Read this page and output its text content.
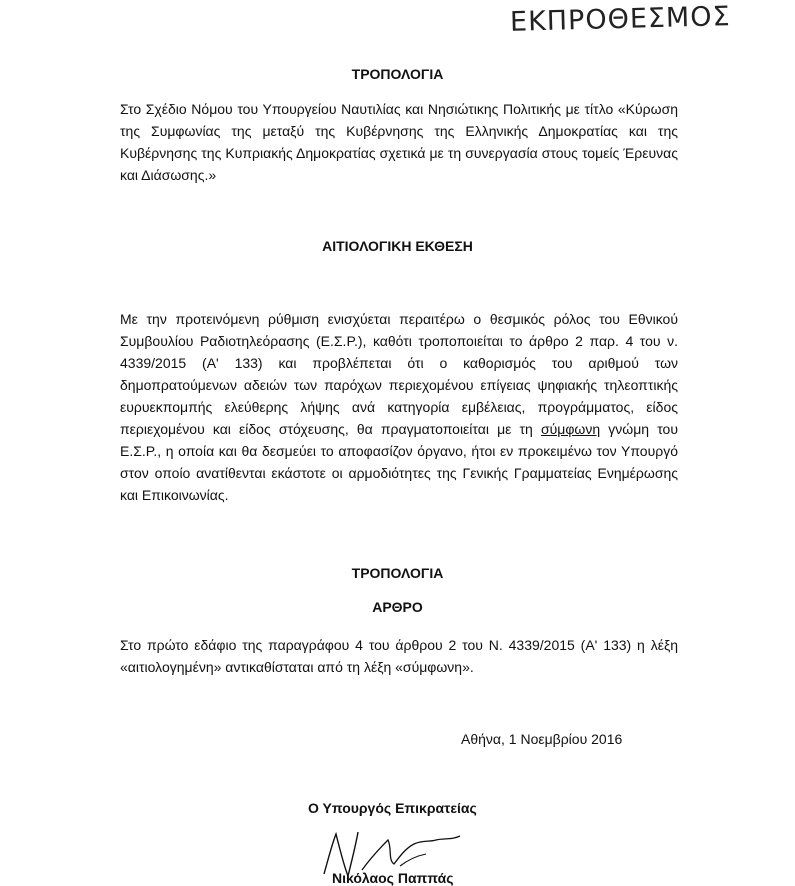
ΕΚΠΡΟΘΕΣΜΟΣ
ΤΡΟΠΟΛΟΓΙΑ

Στο Σχέδιο Νόμου του Υπουργείου Ναυτιλίας και Νησιώτικης Πολιτικής με τίτλο «Κύρωση της Συμφωνίας της μεταξύ της Κυβέρνησης της Ελληνικής Δημοκρατίας και της Κυβέρνησης της Κυπριακής Δημοκρατίας σχετικά με τη συνεργασία στους τομείς Έρευνας και Διάσωσης.»

ΑΙΤΙΟΛΟΓΙΚΗ ΕΚΘΕΣΗ

Με την προτεινόμενη ρύθμιση ενισχύεται περαιτέρω ο θεσμικός ρόλος του Εθνικού Συμβουλίου Ραδιοτηλεόρασης (Ε.Σ.Ρ.), καθότι τροποποιείται το άρθρο 2 παρ. 4 του ν. 4339/2015 (Α' 133) και προβλέπεται ότι ο καθορισμός του αριθμού των δημοπρατούμενων αδειών των παρόχων περιεχομένου επίγειας ψηφιακής τηλεοπτικής ευρυεκπομπής ελεύθερης λήψης ανά κατηγορία εμβέλειας, προγράμματος, είδος περιεχομένου και είδος στόχευσης, θα πραγματοποιείται με τη σύμφωνη γνώμη του Ε.Σ.Ρ., η οποία και θα δεσμεύει το αποφασίζον όργανο, ήτοι εν προκειμένω τον Υπουργό στον οποίο ανατίθενται εκάστοτε οι αρμοδιότητες της Γενικής Γραμματείας Ενημέρωσης και Επικοινωνίας.

ΤΡΟΠΟΛΟΓΙΑ
ΑΡΘΡΟ

Στο πρώτο εδάφιο της παραγράφου 4 του άρθρου 2 του Ν. 4339/2015 (Α' 133) η λέξη «αιτιολογημένη» αντικαθίσταται από τη λέξη «σύμφωνη».

Αθήνα, 1 Νοεμβρίου 2016
Ο Υπουργός Επικρατείας
Νικόλαος Παππάς
